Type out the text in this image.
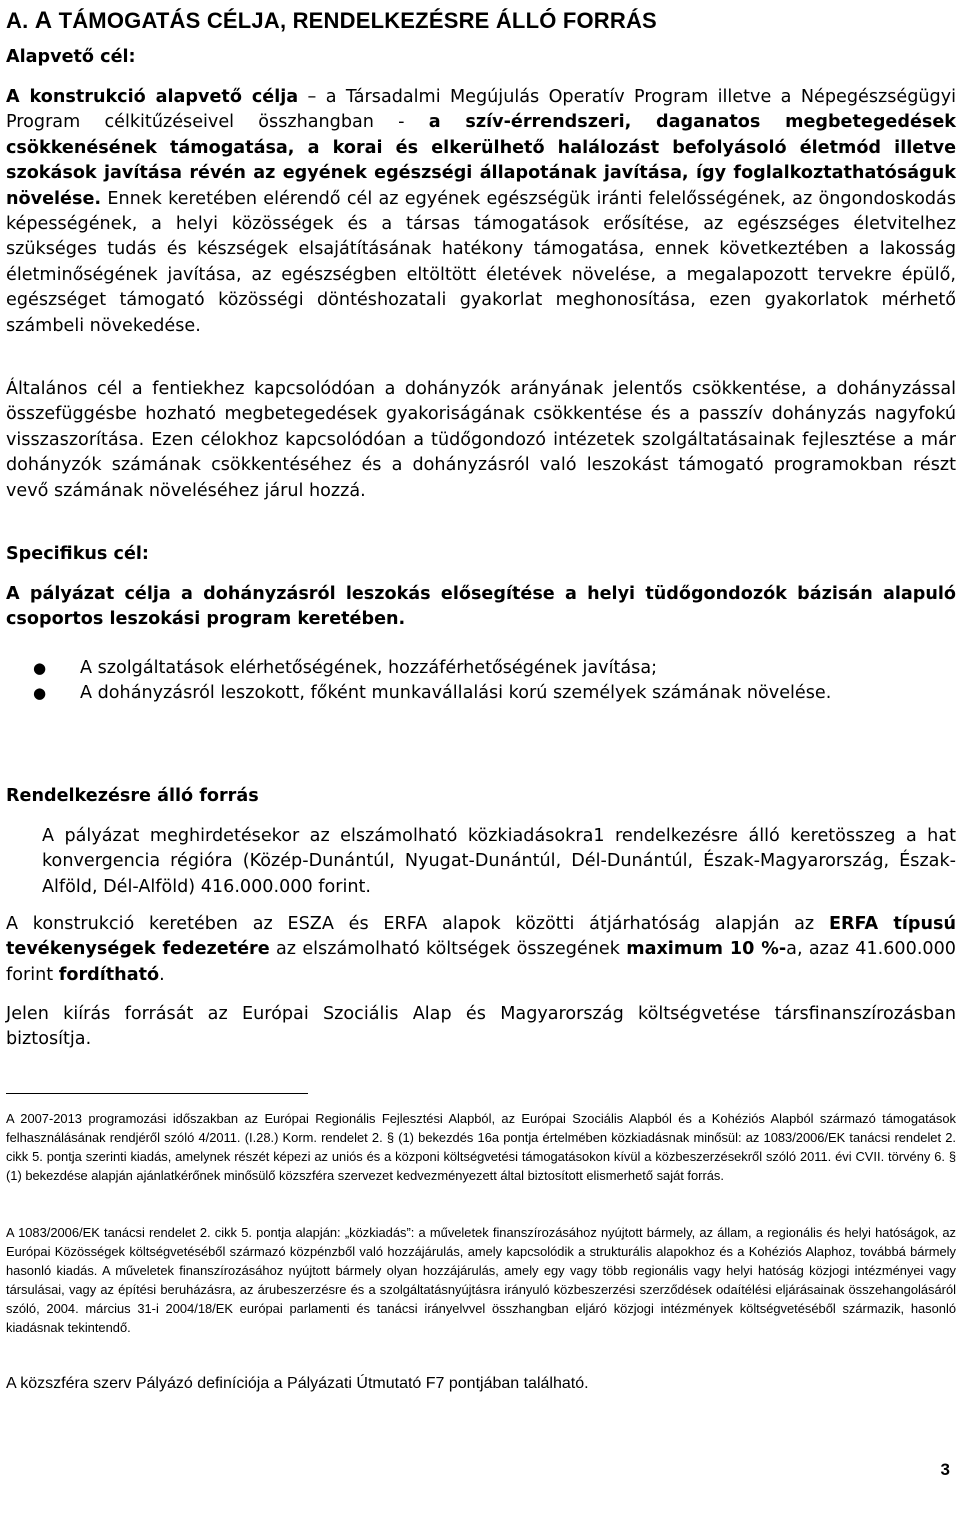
A. A TÁMOGATÁS CÉLJA, RENDELKEZÉSRE ÁLLÓ FORRÁS
Alapvető cél:
A konstrukció alapvető célja – a Társadalmi Megújulás Operatív Program illetve a Népegészségügyi Program célkitűzéseivel összhangban - a szív-érrendszeri, daganatos megbetegedések csökkenésének támogatása, a korai és elkerülhető halálozást befolyásoló életmód illetve szokások javítása révén az egyének egészségi állapotának javítása, így foglalkoztathatóságuk növelése. Ennek keretében elérendő cél az egyének egészségük iránti felelősségének, az öngondoskodás képességének, a helyi közösségek és a társas támogatások erősítése, az egészséges életvitelhez szükséges tudás és készségek elsajátításának hatékony támogatása, ennek következtében a lakosság életminőségének javítása, az egészségben eltöltött életévek növelése, a megalapozott tervekre épülő, egészséget támogató közösségi döntéshozatali gyakorlat meghonosítása, ezen gyakorlatok mérhető számbeli növekedése.
Általános cél a fentiekhez kapcsolódóan a dohányzók arányának jelentős csökkentése, a dohányzással összefüggésbe hozható megbetegedések gyakoriságának csökkentése és a passzív dohányzás nagyfokú visszaszorítása. Ezen célokhoz kapcsolódóan a tüdőgondozó intézetek szolgáltatásainak fejlesztése a már dohányzók számának csökkentéséhez és a dohányzásról való leszokást támogató programokban részt vevő számának növeléséhez járul hozzá.
Specifikus cél:
A pályázat célja a dohányzásról leszokás elősegítése a helyi tüdőgondozók bázisán alapuló csoportos leszokási program keretében.
● A szolgáltatások elérhetőségének, hozzáférhetőségének javítása;
● A dohányzásról leszokott, főként munkavállalási korú személyek számának növelése.
Rendelkezésre álló forrás
A pályázat meghirdetésekor az elszámolható közkiadásokra1 rendelkezésre álló keretösszeg a hat konvergencia régióra (Közép-Dunántúl, Nyugat-Dunántúl, Dél-Dunántúl, Észak-Magyarország, Észak-Alföld, Dél-Alföld) 416.000.000 forint.
A konstrukció keretében az ESZA és ERFA alapok közötti átjárhatóság alapján az ERFA típusú tevékenységek fedezetére az elszámolható költségek összegének maximum 10 %-a, azaz 41.600.000 forint fordítható.
Jelen kiírás forrását az Európai Szociális Alap és Magyarország költségvetése társfinanszírozásban biztosítja.
A 2007-2013 programozási időszakban az Európai Regionális Fejlesztési Alapból, az Európai Szociális Alapból és a Kohéziós Alapból származó támogatások felhasználásának rendjéről szóló 4/2011. (I.28.) Korm. rendelet 2. § (1) bekezdés 16a pontja értelmében közkiadásnak minősül: az 1083/2006/EK tanácsi rendelet 2. cikk 5. pontja szerinti kiadás, amelynek részét képezi az uniós és a közponi költségvetési támogatásokon kívül a közbeszerzésekről szóló 2011. évi CVII. törvény 6. § (1) bekezdése alapján ajánlatkérőnek minősülő közszféra szervezet kedvezményezett által biztosított elismerhető saját forrás.
A 1083/2006/EK tanácsi rendelet 2. cikk 5. pontja alapján: „közkiadás”: a műveletek finanszírozásához nyújtott bármely, az állam, a regionális és helyi hatóságok, az Európai Közösségek költségvetéséből származó közpénzből való hozzájárulás, amely kapcsolódik a strukturális alapokhoz és a Kohéziós Alaphoz, továbbá bármely hasonló kiadás. A műveletek finanszírozásához nyújtott bármely olyan hozzájárulás, amely egy vagy több regionális vagy helyi hatóság közjogi intézményei vagy társulásai, vagy az építési beruházásra, az árubeszerzésre és a szolgáltatásnyújtásra irányuló közbeszerzési szerződések odaítélési eljárásainak összehangolásáról szóló, 2004. március 31-i 2004/18/EK európai parlamenti és tanácsi irányelvvel összhangban eljáró közjogi intézmények költségvetéséből származik, hasonló kiadásnak tekintendő.
A közszféra szerv Pályázó definíciója a Pályázati Útmutató F7 pontjában található.
3
